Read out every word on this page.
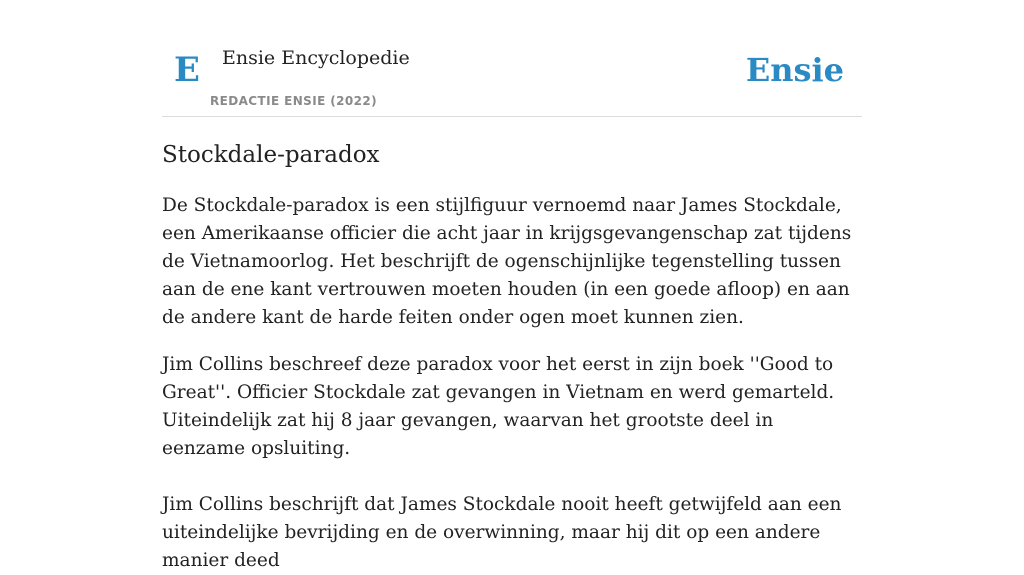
E Ensie Encyclopedie
REDACTIE ENSIE (2022)
Ensie
Stockdale-paradox

De Stockdale-paradox is een stijlfiguur vernoemd naar James Stockdale, een Amerikaanse officier die acht jaar in krijgsgevangenschap zat tijdens de Vietnamoorlog. Het beschrijft de ogenschijnlijke tegenstelling tussen aan de ene kant vertrouwen moeten houden (in een goede afloop) en aan de andere kant de harde feiten onder ogen moet kunnen zien.

Jim Collins beschreef deze paradox voor het eerst in zijn boek ''Good to Great''. Officier Stockdale zat gevangen in Vietnam en werd gemarteld. Uiteindelijk zat hij 8 jaar gevangen, waarvan het grootste deel in eenzame opsluiting.

Jim Collins beschrijft dat James Stockdale nooit heeft getwijfeld aan een uiteindelijke bevrijding en de overwinning, maar hij dit op een andere manier deed
